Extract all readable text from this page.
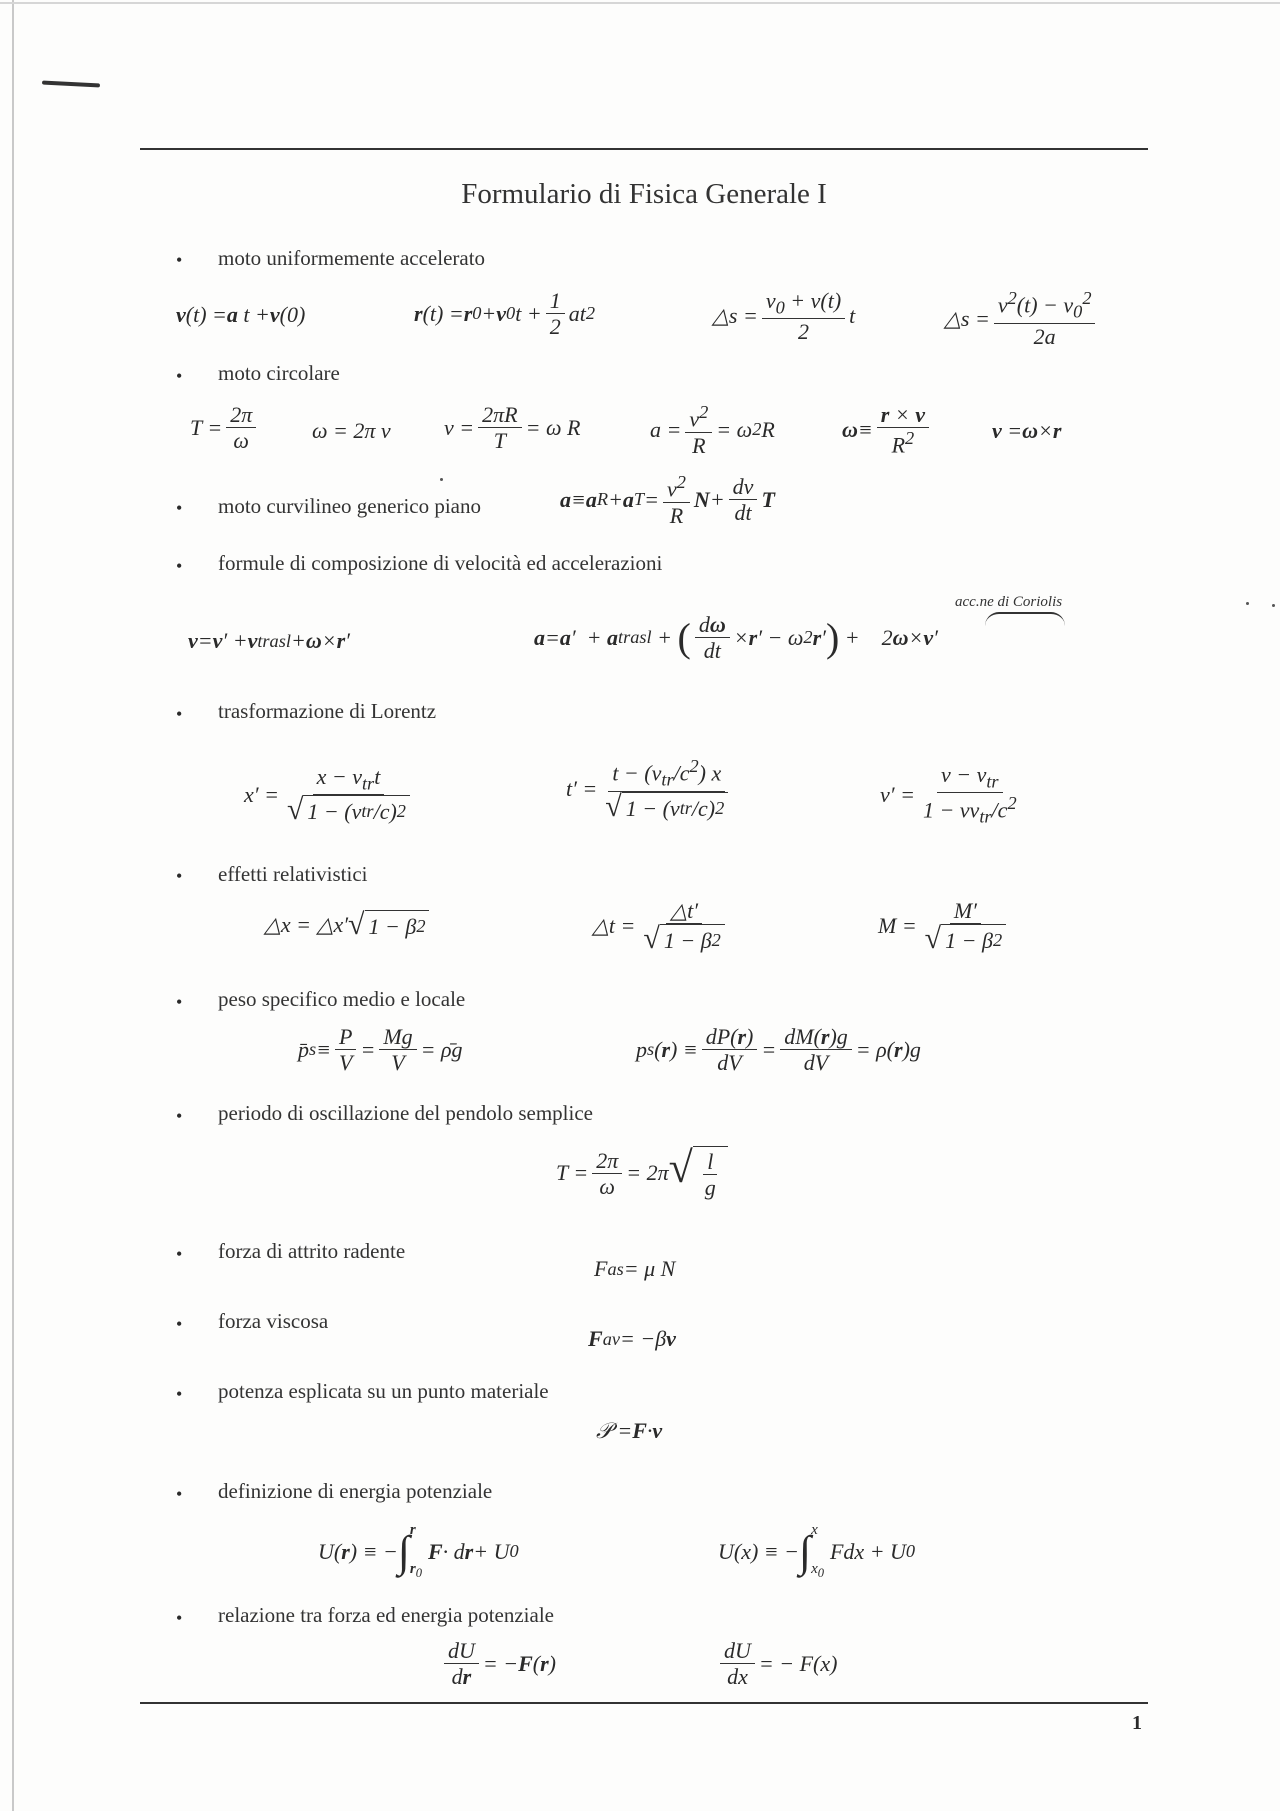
Formulario di Fisica Generale I
• moto uniformemente accelerato
v (t) = a t + v (0)	r (t) = r 0 + v 0 $t + \frac{1}{2}$ at 2	△s = $\frac{v_0 + v(t)}{2}$ t	△s = $\frac{v^2(t) - v_0^2}{2a}$
• moto circolare
$T = \frac{2\pi}{\omega}$	ω = 2π ν $v = \frac{2\pi R}{T} = \omega$ R	$a = \frac{v^2}{R} = \omega$ 2 R	$\omega \equiv \frac{r \times v}{R^2}$	v = ω × r
• moto curvilineo generico piano	a ≡ a R + a $T = \frac{v^2}{R}$ $N + \frac{dv}{dt}$ T
• formule di composizione di velocità ed accelerazioni
v = v ′ + v trasl + ω × r ′	a = a ′  + a trasl + ( $\frac{d\omega}{dt} \times r$ ′ − ω 2 r ′ ) +    2 ω × v ′
acc.ne di Coriolis
• trasformazione di Lorentz
$x' = \frac{x - v_{tr}t}{\text{√ 1 − (v tr /c) 2}}$	$t' = \frac{t - (v_{tr}/c^2) x}{\text{√ 1 − (v tr /c) 2}}$	$v' = \frac{v - v_{tr}}{1 - vv_{tr}/c^2}$
• effetti relativistici
△x = △x′ √ 1 − β 2	△t = $\frac{\triangle t'}{√ 1 - \beta 2}$	$M = \frac{M'}{√ 1 - \beta 2}$
• peso specifico medio e locale
p̄ $s \equiv \frac{P}{V} = \frac{Mg}{V}$ = ρ̄g	p s ( r ) ≡ $\frac{dP(r)}{dV} = \frac{dM(r)g}{dV} = \rho$( r )g
• periodo di oscillazione del pendolo semplice
$T = \frac{2\pi}{\omega} = 2\pi$ √ $\frac{l}{g}$
• forza di attrito radente
F as = μ N
• forza viscosa
F av = −β v
• potenza esplicata su un punto materiale
𝒫 = F · v
• definizione di energia potenziale
U( r ) ≡ − ∫ r
$r_0$
F · d r + U 0	U(x) ≡ − ∫ x
$x_0$
Fdx + U 0
• relazione tra forza ed energia potenziale
$\frac{dU}{dr}$ = − F ( r )	$\frac{dU}{dx}$ = − F(x)
1
